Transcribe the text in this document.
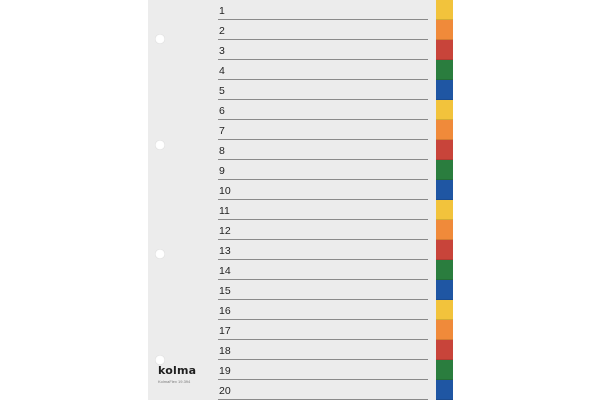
1
2
3
4
5
6
7
8
9
10
11
12
13
14
15
16
17
18
19
20
kolma
KolmaFlex 19.394
